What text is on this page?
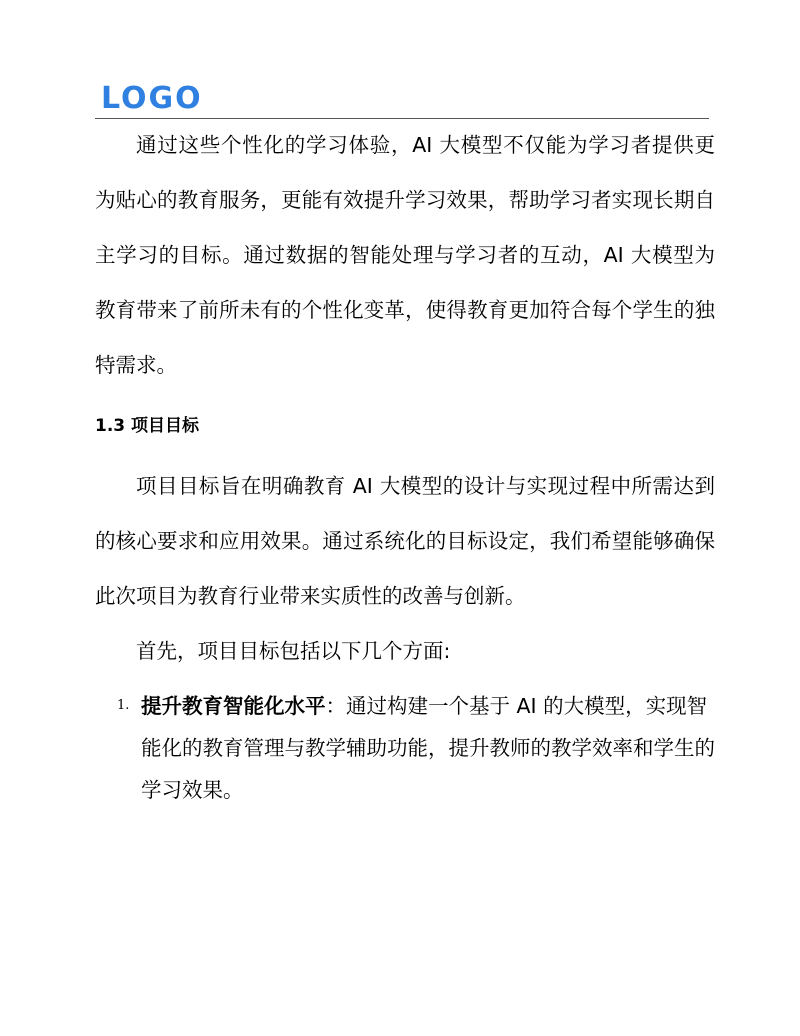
LOGO

通过这些个性化的学习体验，AI 大模型不仅能为学习者提供更为贴心的教育服务，更能有效提升学习效果，帮助学习者实现长期自主学习的目标。通过数据的智能处理与学习者的互动，AI 大模型为教育带来了前所未有的个性化变革，使得教育更加符合每个学生的独特需求。

1.3 项目目标

项目目标旨在明确教育 AI 大模型的设计与实现过程中所需达到的核心要求和应用效果。通过系统化的目标设定，我们希望能够确保此次项目为教育行业带来实质性的改善与创新。

首先，项目目标包括以下几个方面:

1. 提升教育智能化水平：通过构建一个基于 AI 的大模型，实现智能化的教育管理与教学辅助功能，提升教师的教学效率和学生的学习效果。
